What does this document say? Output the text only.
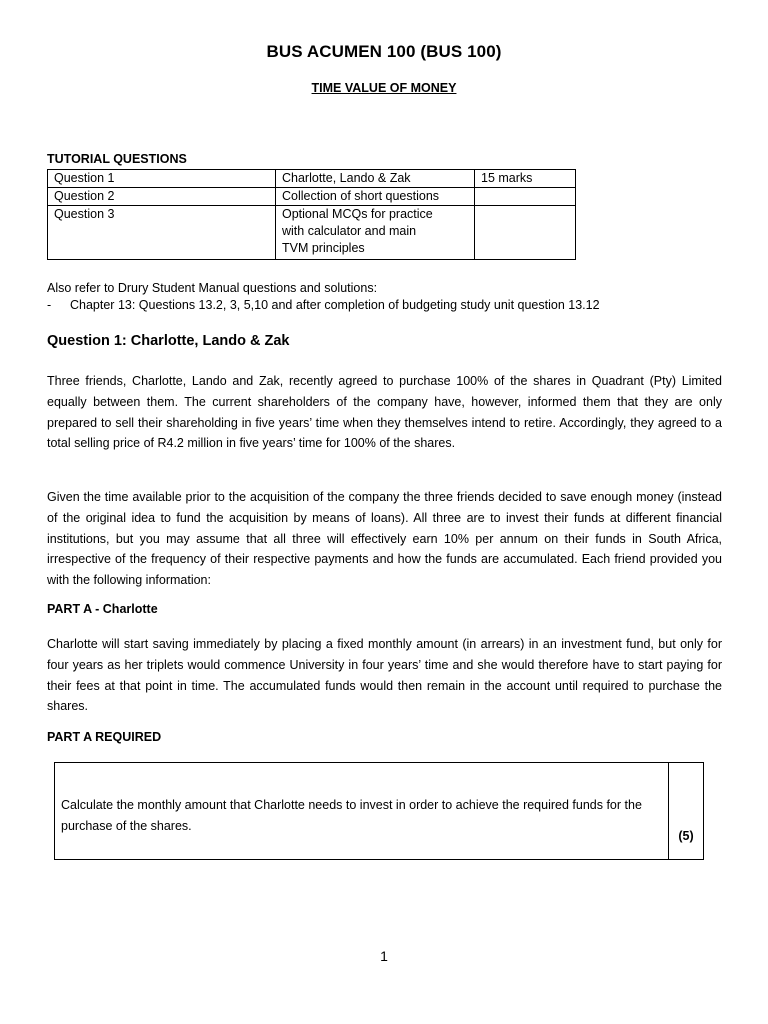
BUS ACUMEN 100 (BUS 100)
TIME VALUE OF MONEY
TUTORIAL QUESTIONS
Question 1	Charlotte, Lando & Zak	15 marks
Question 2	Collection of short questions	
Question 3	Optional MCQs for practice
with calculator and main
TVM principles	

Also refer to Drury Student Manual questions and solutions:
- Chapter 13: Questions 13.2, 3, 5,10 and after completion of budgeting study unit question 13.12
Question 1: Charlotte, Lando & Zak
Three friends, Charlotte, Lando and Zak, recently agreed to purchase 100% of the shares in Quadrant (Pty) Limited equally between them. The current shareholders of the company have, however, informed them that they are only prepared to sell their shareholding in five years’ time when they themselves intend to retire. Accordingly, they agreed to a total selling price of R4.2 million in five years’ time for 100% of the shares.
Given the time available prior to the acquisition of the company the three friends decided to save enough money (instead of the original idea to fund the acquisition by means of loans). All three are to invest their funds at different financial institutions, but you may assume that all three will effectively earn 10% per annum on their funds in South Africa, irrespective of the frequency of their respective payments and how the funds are accumulated. Each friend provided you with the following information:
PART A - Charlotte
Charlotte will start saving immediately by placing a fixed monthly amount (in arrears) in an investment fund, but only for four years as her triplets would commence University in four years’ time and she would therefore have to start paying for their fees at that point in time. The accumulated funds would then remain in the account until required to purchase the shares.
PART A REQUIRED
Calculate the monthly amount that Charlotte needs to invest in order to achieve the required funds for the purchase of the shares.
(5)
1
